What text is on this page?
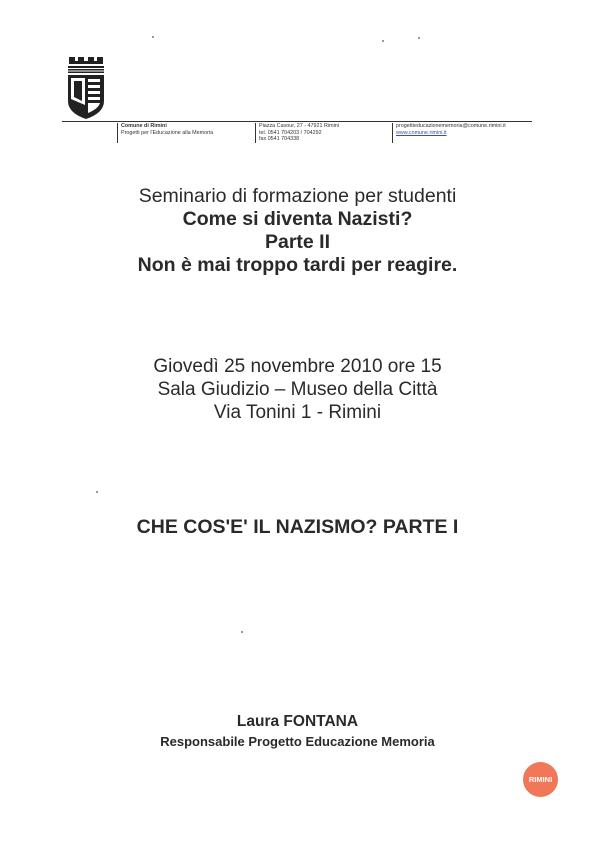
Comune di Rimini
Progetti per l'Educazione alla Memoria
Piazza Cavour, 27 - 47921 Rimini
tel. 0541 704203 / 704292
fax 0541 704338
progettieducazionememoria@comune.rimini.it
www.comune.rimini.it
Seminario di formazione per studenti
Come si diventa Nazisti?
Parte II
Non è mai troppo tardi per reagire.
Giovedì 25 novembre 2010 ore 15
Sala Giudizio – Museo della Città
Via Tonini 1 - Rimini
CHE COS'E' IL NAZISMO? PARTE I
Laura FONTANA
Responsabile Progetto Educazione Memoria
RIMINI
